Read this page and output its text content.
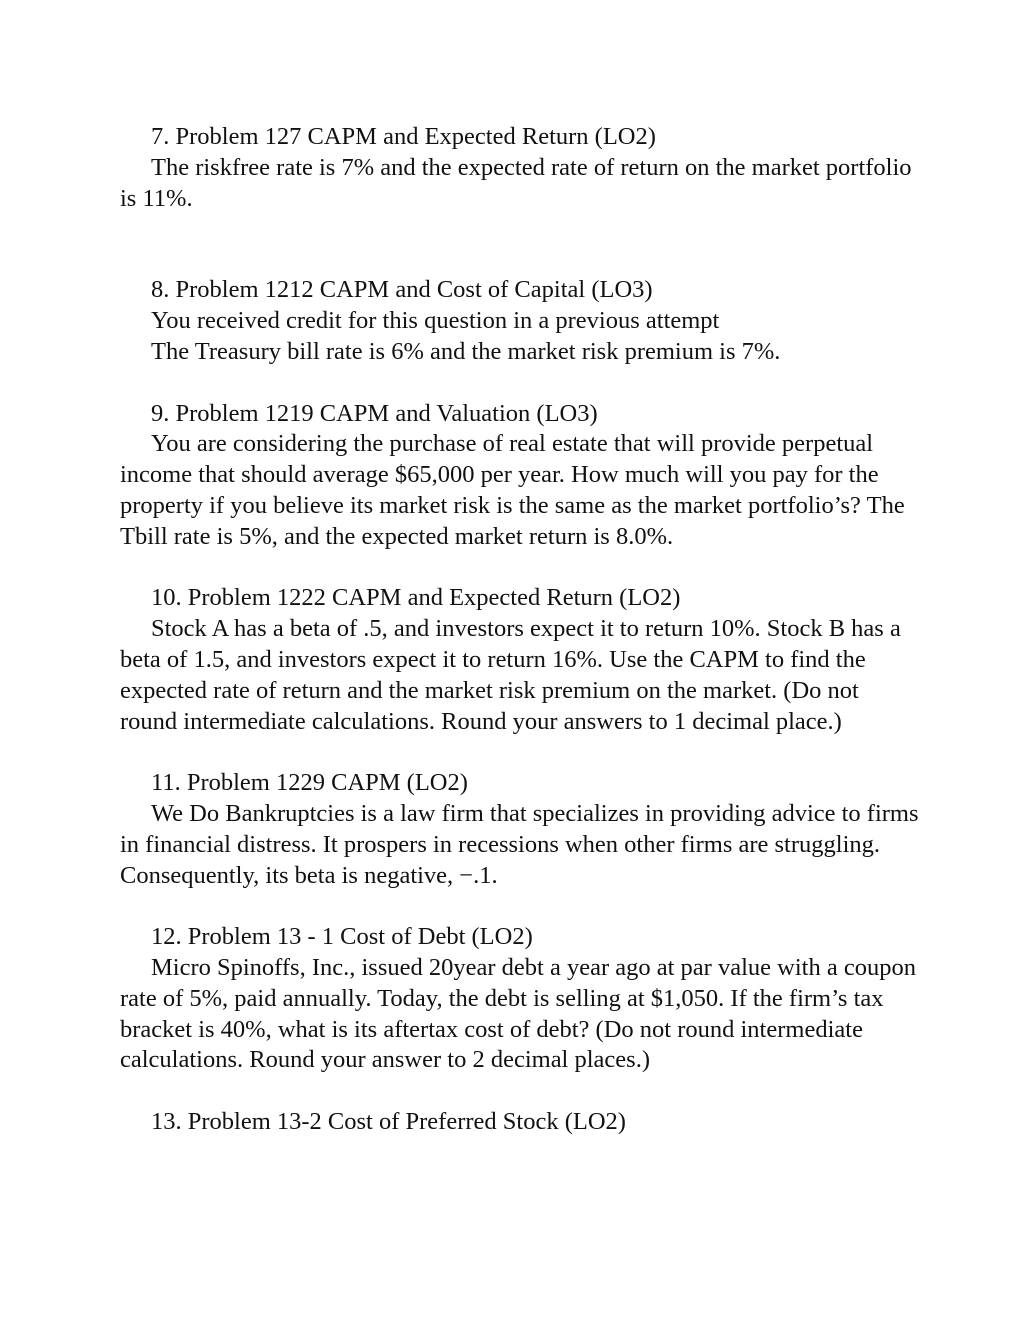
7. Problem 127 CAPM and Expected Return (LO2)

The riskfree rate is 7% and the expected rate of return on the market portfolio is 11%.

8. Problem 1212 CAPM and Cost of Capital (LO3)

You received credit for this question in a previous attempt

The Treasury bill rate is 6% and the market risk premium is 7%.

9. Problem 1219 CAPM and Valuation (LO3)

You are considering the purchase of real estate that will provide perpetual income that should average $65,000 per year. How much will you pay for the property if you believe its market risk is the same as the market portfolio’s? The Tbill rate is 5%, and the expected market return is 8.0%.

10. Problem 1222 CAPM and Expected Return (LO2)

Stock A has a beta of .5, and investors expect it to return 10%. Stock B has a beta of 1.5, and investors expect it to return 16%. Use the CAPM to find the expected rate of return and the market risk premium on the market. (Do not round intermediate calculations. Round your answers to 1 decimal place.)

11. Problem 1229 CAPM (LO2)

We Do Bankruptcies is a law firm that specializes in providing advice to firms in financial distress. It prospers in recessions when other firms are struggling. Consequently, its beta is negative, −.1.

12. Problem 13 - 1 Cost of Debt (LO2)

Micro Spinoffs, Inc., issued 20year debt a year ago at par value with a coupon rate of 5%, paid annually. Today, the debt is selling at $1,050. If the firm’s tax bracket is 40%, what is its aftertax cost of debt? (Do not round intermediate calculations. Round your answer to 2 decimal places.)

13. Problem 13-2 Cost of Preferred Stock (LO2)
